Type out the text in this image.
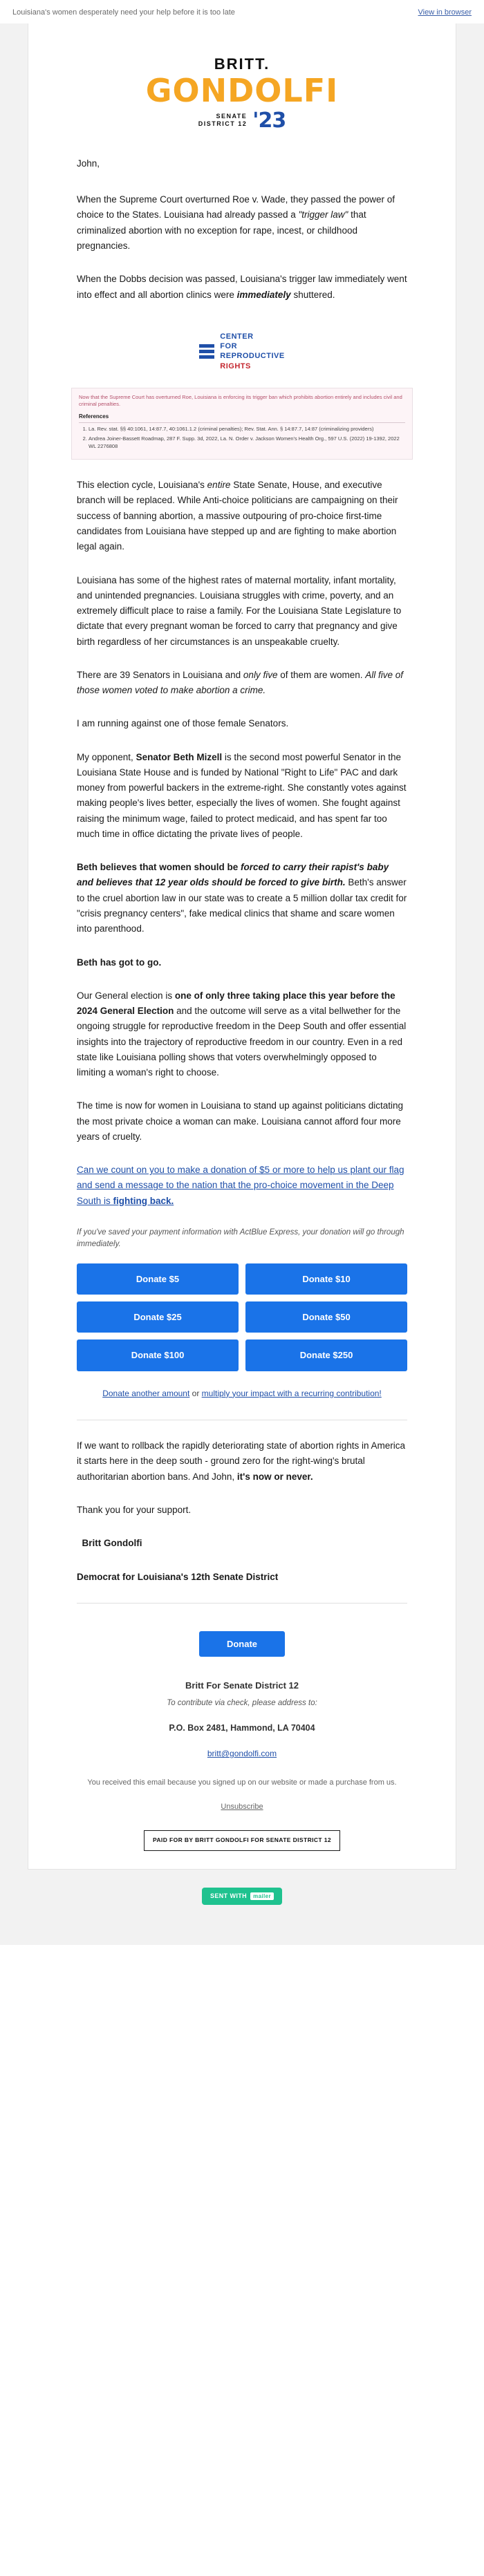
Louisiana's women desperately need your help before it is too late	View in browser
BRITT.
GONDOLFI
SENATE
DISTRICT 12 '23

John,

When the Supreme Court overturned Roe v. Wade, they passed the power of choice to the States. Louisiana had already passed a "trigger law" that criminalized abortion with no exception for rape, incest, or childhood pregnancies.

When the Dobbs decision was passed, Louisiana's trigger law immediately went into effect and all abortion clinics were immediately shuttered.

CENTER
FOR
REPRODUCTIVE
RIGHTS
Now that the Supreme Court has overturned Roe, Louisiana is enforcing its trigger ban which prohibits abortion entirely and includes civil and criminal penalties.
References
1. La. Rev. stat. §§ 40:1061, 14:87.7, 40:1061.1.2 (criminal penalties); Rev. Stat. Ann. § 14:87.7, 14:87 (criminalizing providers)
2. Andrea Joiner-Bassett Roadmap, 287 F. Supp. 3d, 2022, La. N. Order v. Jackson Women's Health Org., 597 U.S. (2022) 19-1392, 2022 WL 2276808

This election cycle, Louisiana's entire State Senate, House, and executive branch will be replaced. While Anti-choice politicians are campaigning on their success of banning abortion, a massive outpouring of pro-choice first-time candidates from Louisiana have stepped up and are fighting to make abortion legal again.

Louisiana has some of the highest rates of maternal mortality, infant mortality, and unintended pregnancies. Louisiana struggles with crime, poverty, and an extremely difficult place to raise a family. For the Louisiana State Legislature to dictate that every pregnant woman be forced to carry that pregnancy and give birth regardless of her circumstances is an unspeakable cruelty.

There are 39 Senators in Louisiana and only five of them are women. All five of those women voted to make abortion a crime.

I am running against one of those female Senators.

My opponent, Senator Beth Mizell is the second most powerful Senator in the Louisiana State House and is funded by National "Right to Life" PAC and dark money from powerful backers in the extreme-right. She constantly votes against making people's lives better, especially the lives of women. She fought against raising the minimum wage, failed to protect medicaid, and has spent far too much time in office dictating the private lives of people.

Beth believes that women should be forced to carry their rapist's baby and believes that 12 year olds should be forced to give birth. Beth's answer to the cruel abortion law in our state was to create a 5 million dollar tax credit for "crisis pregnancy centers", fake medical clinics that shame and scare women into parenthood.

Beth has got to go.

Our General election is one of only three taking place this year before the 2024 General Election and the outcome will serve as a vital bellwether for the ongoing struggle for reproductive freedom in the Deep South and offer essential insights into the trajectory of reproductive freedom in our country. Even in a red state like Louisiana polling shows that voters overwhelmingly opposed to limiting a woman's right to choose.

The time is now for women in Louisiana to stand up against politicians dictating the most private choice a woman can make. Louisiana cannot afford four more years of cruelty.

Can we count on you to make a donation of $5 or more to help us plant our flag and send a message to the nation that the pro-choice movement in the Deep South is fighting back.

If you've saved your payment information with ActBlue Express, your donation will go through immediately.
Donate $5	Donate $10
Donate $25	Donate $50
Donate $100	Donate $250
Donate another amount or multiply your impact with a recurring contribution!

If we want to rollback the rapidly deteriorating state of abortion rights in America it starts here in the deep south - ground zero for the right-wing's brutal authoritarian abortion bans. And John, it's now or never.

Thank you for your support.

Britt Gondolfi

Democrat for Louisiana's 12th Senate District

Donate
Britt For Senate District 12
To contribute via check, please address to:
P.O. Box 2481, Hammond, LA 70404
britt@gondolfi.com
You received this email because you signed up on our website or made a purchase from us.
Unsubscribe
PAID FOR BY BRITT GONDOLFI FOR SENATE DISTRICT 12
SENT WITH	mailer
